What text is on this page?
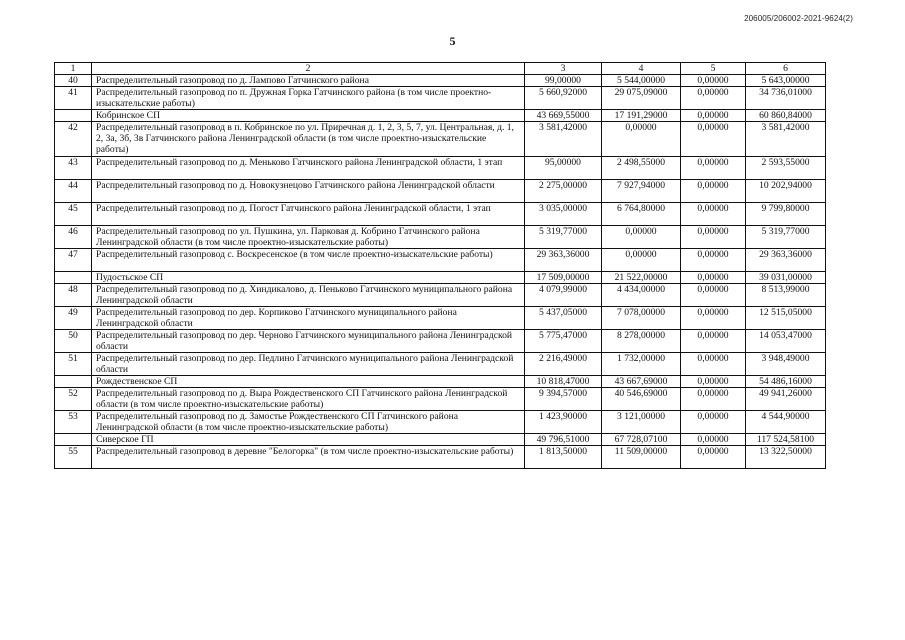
206005/206002-2021-9624(2)
5
1	2	3	4	5	6
40	Распределительный газопровод по д. Лампово Гатчинского района	99,00000	5 544,00000	0,00000	5 643,00000
41	Распределительный газопровод по п. Дружная Горка Гатчинского района (в том числе проектно-изыскательские работы)	5 660,92000	29 075,09000	0,00000	34 736,01000
	Кобринское СП	43 669,55000	17 191,29000	0,00000	60 860,84000
42	Распределительный газопровод в п. Кобринское по ул. Приречная д. 1, 2, 3, 5, 7, ул. Центральная, д. 1, 2, 3а, 3б, 3в Гатчинского района Ленинградской области (в том числе проектно-изыскательские работы)	3 581,42000	0,00000	0,00000	3 581,42000
43	Распределительный газопровод по д. Меньково Гатчинского района Ленинградской области, 1 этап	95,00000	2 498,55000	0,00000	2 593,55000
44	Распределительный газопровод по д. Новокузнецово Гатчинского района Ленинградской области	2 275,00000	7 927,94000	0,00000	10 202,94000
45	Распределительный газопровод по д. Погост Гатчинского района Ленинградской области, 1 этап	3 035,00000	6 764,80000	0,00000	9 799,80000
46	Распределительный газопровод по ул. Пушкина, ул. Парковая д. Кобрино Гатчинского района Ленинградской области (в том числе проектно-изыскательские работы)	5 319,77000	0,00000	0,00000	5 319,77000
47	Распределительный газопровод с. Воскресенское (в том числе проектно-изыскательские работы)	29 363,36000	0,00000	0,00000	29 363,36000
	Пудостьское СП	17 509,00000	21 522,00000	0,00000	39 031,00000
48	Распределительный газопровод по д. Хиндикалово, д. Пеньково Гатчинского муниципального района Ленинградской области	4 079,99000	4 434,00000	0,00000	8 513,99000
49	Распределительный газопровод по дер. Корпиково Гатчинского муниципального района Ленинградской области	5 437,05000	7 078,00000	0,00000	12 515,05000
50	Распределительный газопровод по дер. Черново Гатчинского муниципального района Ленинградской области	5 775,47000	8 278,00000	0,00000	14 053,47000
51	Распределительный газопровод по дер. Педлино Гатчинского муниципального района Ленинградской области	2 216,49000	1 732,00000	0,00000	3 948,49000
	Рождественское СП	10 818,47000	43 667,69000	0,00000	54 486,16000
52	Распределительный газопровод по д. Выра Рождественского СП Гатчинского района Ленинградской области (в том числе проектно-изыскательские работы)	9 394,57000	40 546,69000	0,00000	49 941,26000
53	Распределительный газопровод по д. Замостье Рождественского СП Гатчинского района Ленинградской области (в том числе проектно-изыскательские работы)	1 423,90000	3 121,00000	0,00000	4 544,90000
	Сиверское ГП	49 796,51000	67 728,07100	0,00000	117 524,58100
55	Распределительный газопровод в деревне "Белогорка" (в том числе проектно-изыскательские работы)	1 813,50000	11 509,00000	0,00000	13 322,50000
